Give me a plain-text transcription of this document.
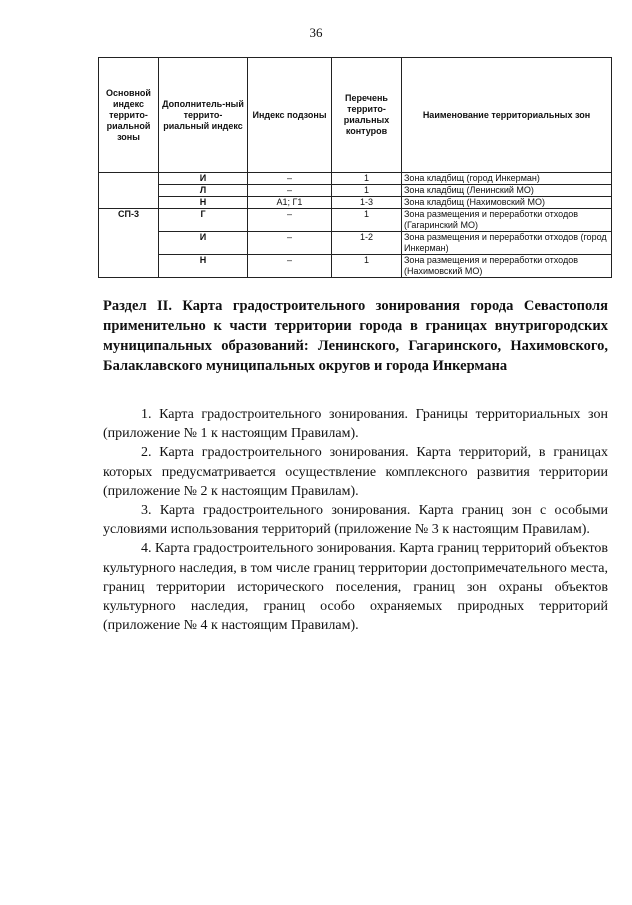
36
Основной индекс террито-риальной зоны	Дополнитель-ный террито-риальный индекс	Индекс подзоны	Перечень террито-риальных контуров	Наименование территориальных зон
	И	–	1	Зона кладбищ (город Инкерман)
	Л	–	1	Зона кладбищ (Ленинский МО)
	Н	А1; Г1	1-3	Зона кладбищ (Нахимовский МО)
СП-3	Г	–	1	Зона размещения и переработки отходов (Гагаринский МО)
	И	–	1-2	Зона размещения и переработки отходов (город Инкерман)
	Н	–	1	Зона размещения и переработки отходов (Нахимовский МО)
Раздел II. Карта градостроительного зонирования города Севастополя применительно к части территории города в границах внутригородских муниципальных образований: Ленинского, Гагаринского, Нахимовского, Балаклавского муниципальных округов и города Инкермана

1. Карта градостроительного зонирования. Границы территориальных зон (приложение № 1 к настоящим Правилам).

2. Карта градостроительного зонирования. Карта территорий, в границах которых предусматривается осуществление комплексного развития территории (приложение № 2 к настоящим Правилам).

3. Карта градостроительного зонирования. Карта границ зон с особыми условиями использования территорий (приложение № 3 к настоящим Правилам).

4. Карта градостроительного зонирования. Карта границ территорий объектов культурного наследия, в том числе границ территории достопримечательного места, границ территории исторического поселения, границ зон охраны объектов культурного наследия, границ особо охраняемых природных территорий (приложение № 4 к настоящим Правилам).
